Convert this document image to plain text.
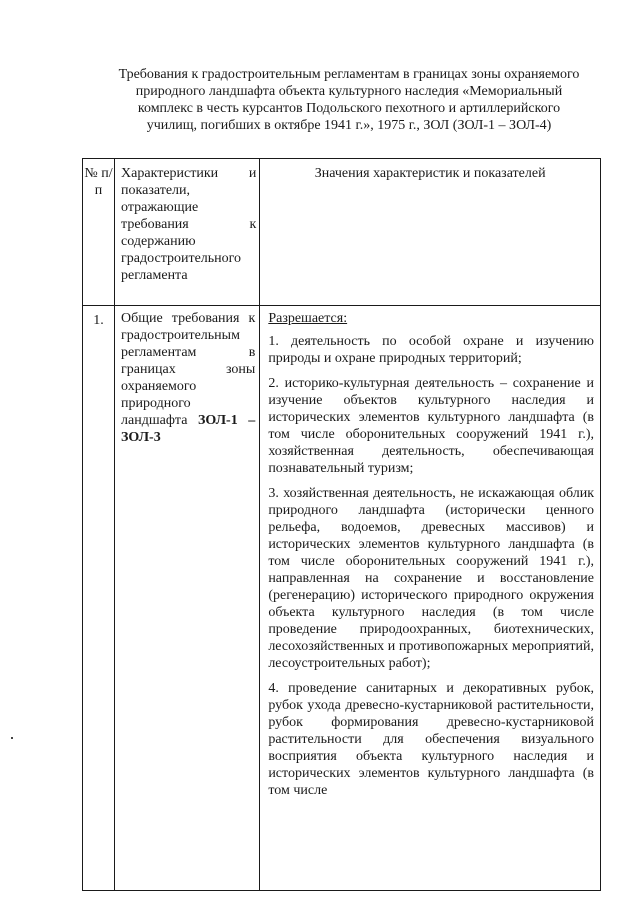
Требования к градостроительным регламентам в границах зоны охраняемого природного ландшафта объекта культурного наследия «Мемориальный комплекс в честь курсантов Подольского пехотного и артиллерийского училищ, погибших в октябре 1941 г.», 1975 г., ЗОЛ (ЗОЛ-1 – ЗОЛ-4)
№ п/п	Характеристики и показатели, отражающие требования к содержанию градостроительного регламента	Значения характеристик и показателей
1.	Общие требования к градостроительным регламентам в границах зоны охраняемого природного ландшафта ЗОЛ-1 – ЗОЛ-3	Разрешается:

1. деятельность по особой охране и изучению природы и охране природных территорий;

2. историко-культурная деятельность – сохранение и изучение объектов культурного наследия и исторических элементов культурного ландшафта (в том числе оборонительных сооружений 1941 г.), хозяйственная деятельность, обеспечивающая познавательный туризм;

3. хозяйственная деятельность, не искажающая облик природного ландшафта (исторически ценного рельефа, водоемов, древесных массивов) и исторических элементов культурного ландшафта (в том числе оборонительных сооружений 1941 г.), направленная на сохранение и восстановление (регенерацию) исторического природного окружения объекта культурного наследия (в том числе проведение природоохранных, биотехнических, лесохозяйственных и противопожарных мероприятий, лесоустроительных работ);

4. проведение санитарных и декоративных рубок, рубок ухода древесно-кустарниковой растительности, рубок формирования древесно-кустарниковой растительности для обеспечения визуального восприятия объекта культурного наследия и исторических элементов культурного ландшафта (в том числе
